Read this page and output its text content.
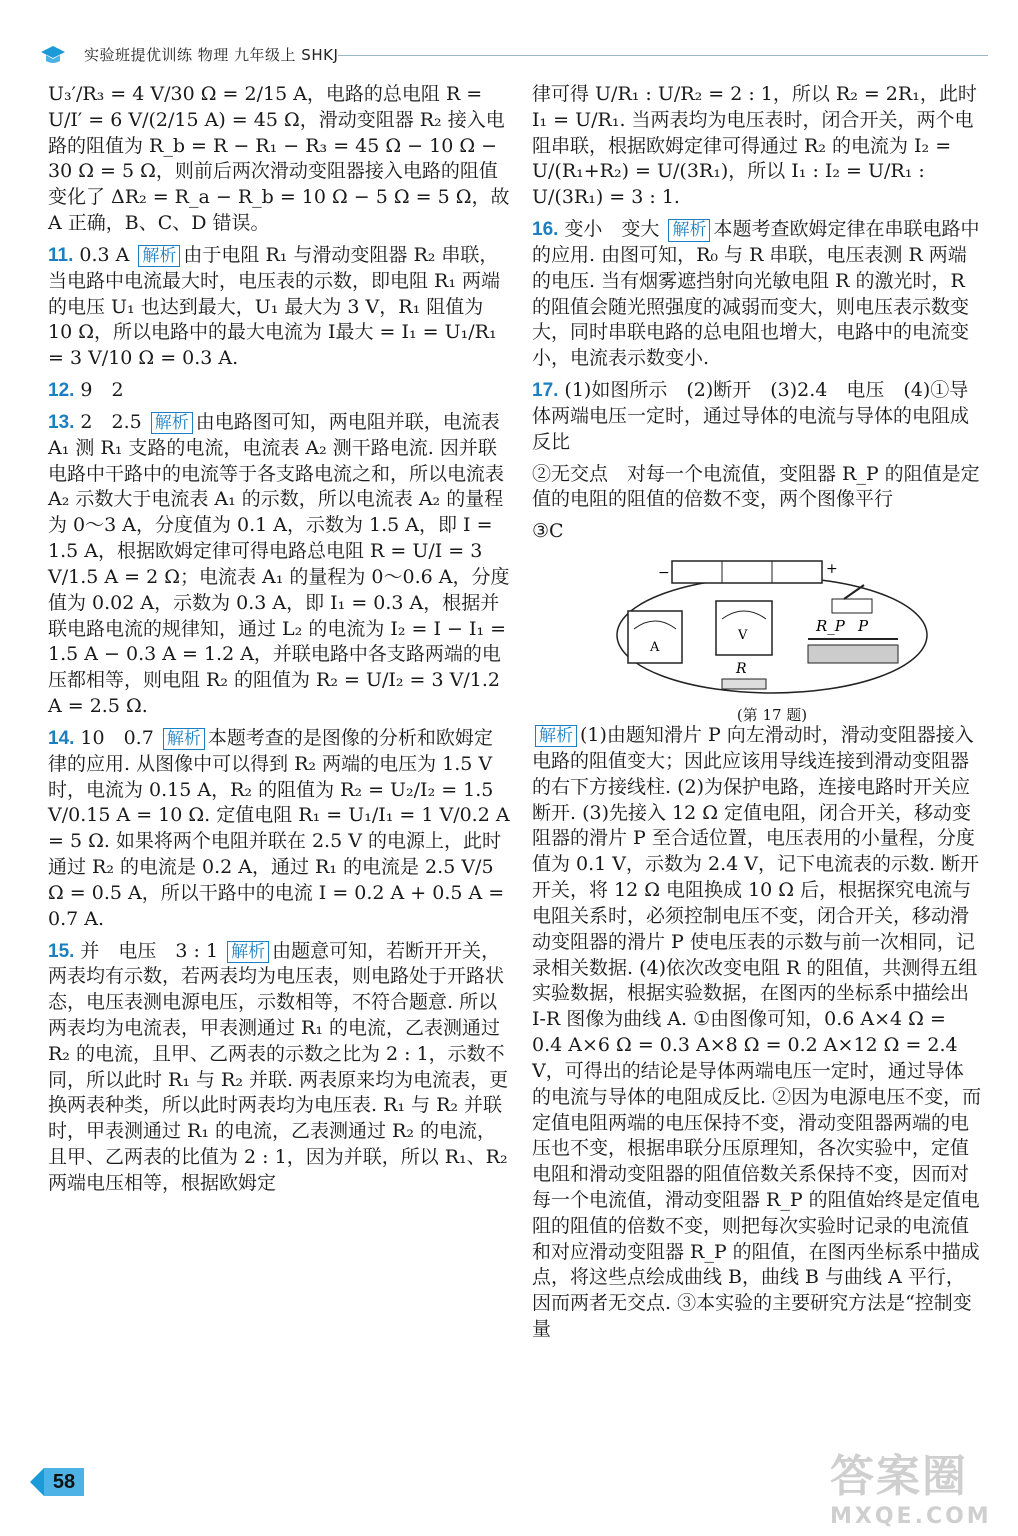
实验班提优训练 物理 九年级上 SHKJ
U₃′/R₃ = 4 V/30 Ω = 2/15 A，电路的总电阻 R = U/I′ = 6 V/(2/15 A) = 45 Ω，滑动变阻器 R₂ 接入电路的阻值为 R_b = R − R₁ − R₃ = 45 Ω − 10 Ω − 30 Ω = 5 Ω，则前后两次滑动变阻器接入电路的阻值变化了 ΔR₂ = R_a − R_b = 10 Ω − 5 Ω = 5 Ω，故 A 正确，B、C、D 错误。
11. 0.3 A 解析 由于电阻 R₁ 与滑动变阻器 R₂ 串联，当电路中电流最大时，电压表的示数，即电阻 R₁ 两端的电压 U₁ 也达到最大，U₁ 最大为 3 V，R₁ 阻值为 10 Ω，所以电路中的最大电流为 I最大 = I₁ = U₁/R₁ = 3 V/10 Ω = 0.3 A.
12. 9　2
13. 2　2.5 解析 由电路图可知，两电阻并联，电流表 A₁ 测 R₁ 支路的电流，电流表 A₂ 测干路电流. 因并联电路中干路中的电流等于各支路电流之和，所以电流表 A₂ 示数大于电流表 A₁ 的示数，所以电流表 A₂ 的量程为 0～3 A，分度值为 0.1 A，示数为 1.5 A，即 I = 1.5 A，根据欧姆定律可得电路总电阻 R = U/I = 3 V/1.5 A = 2 Ω；电流表 A₁ 的量程为 0～0.6 A，分度值为 0.02 A，示数为 0.3 A，即 I₁ = 0.3 A，根据并联电路电流的规律知，通过 L₂ 的电流为 I₂ = I − I₁ = 1.5 A − 0.3 A = 1.2 A，并联电路中各支路两端的电压都相等，则电阻 R₂ 的阻值为 R₂ = U/I₂ = 3 V/1.2 A = 2.5 Ω.
14. 10　0.7 解析 本题考查的是图像的分析和欧姆定律的应用. 从图像中可以得到 R₂ 两端的电压为 1.5 V 时，电流为 0.15 A，R₂ 的阻值为 R₂ = U₂/I₂ = 1.5 V/0.15 A = 10 Ω. 定值电阻 R₁ = U₁/I₁ = 1 V/0.2 A = 5 Ω. 如果将两个电阻并联在 2.5 V 的电源上，此时通过 R₂ 的电流是 0.2 A，通过 R₁ 的电流是 2.5 V/5 Ω = 0.5 A，所以干路中的电流 I = 0.2 A + 0.5 A = 0.7 A.
15. 并　电压　3 : 1 解析 由题意可知，若断开开关，两表均有示数，若两表均为电压表，则电路处于开路状态，电压表测电源电压，示数相等，不符合题意. 所以两表均为电流表，甲表测通过 R₁ 的电流，乙表测通过 R₂ 的电流，且甲、乙两表的示数之比为 2 : 1，示数不同，所以此时 R₁ 与 R₂ 并联. 两表原来均为电流表，更换两表种类，所以此时两表均为电压表. R₁ 与 R₂ 并联时，甲表测通过 R₁ 的电流，乙表测通过 R₂ 的电流，且甲、乙两表的比值为 2 : 1，因为并联，所以 R₁、R₂ 两端电压相等，根据欧姆定
律可得 U/R₁ : U/R₂ = 2 : 1，所以 R₂ = 2R₁，此时 I₁ = U/R₁. 当两表均为电压表时，闭合开关，两个电阻串联，根据欧姆定律可得通过 R₂ 的电流为 I₂ = U/(R₁+R₂) = U/(3R₁)，所以 I₁ : I₂ = U/R₁ : U/(3R₁) = 3 : 1.
16. 变小　变大 解析 本题考查欧姆定律在串联电路中的应用. 由图可知，R₀ 与 R 串联，电压表测 R 两端的电压. 当有烟雾遮挡射向光敏电阻 R 的激光时，R 的阻值会随光照强度的减弱而变大，则电压表示数变大，同时串联电路的总电阻也增大，电路中的电流变小，电流表示数变小.
17. (1)如图所示　(2)断开　(3)2.4　电压　(4)①导体两端电压一定时，通过导体的电流与导体的电阻成反比
②无交点　对每一个电流值，变阻器 R_P 的阻值是定值的电阻的阻值的倍数不变，两个图像平行
③C
−	+
A
V
R
R_P P
(第 17 题)
解析 (1)由题知滑片 P 向左滑动时，滑动变阻器接入电路的阻值变大；因此应该用导线连接到滑动变阻器的右下方接线柱. (2)为保护电路，连接电路时开关应断开. (3)先接入 12 Ω 定值电阻，闭合开关，移动变阻器的滑片 P 至合适位置，电压表用的小量程，分度值为 0.1 V，示数为 2.4 V，记下电流表的示数. 断开开关，将 12 Ω 电阻换成 10 Ω 后，根据探究电流与电阻关系时，必须控制电压不变，闭合开关，移动滑动变阻器的滑片 P 使电压表的示数与前一次相同，记录相关数据. (4)依次改变电阻 R 的阻值，共测得五组实验数据，根据实验数据，在图丙的坐标系中描绘出 I-R 图像为曲线 A. ①由图像可知，0.6 A×4 Ω = 0.4 A×6 Ω = 0.3 A×8 Ω = 0.2 A×12 Ω = 2.4 V，可得出的结论是导体两端电压一定时，通过导体的电流与导体的电阻成反比. ②因为电源电压不变，而定值电阻两端的电压保持不变，滑动变阻器两端的电压也不变，根据串联分压原理知，各次实验中，定值电阻和滑动变阻器的阻值倍数关系保持不变，因而对每一个电流值，滑动变阻器 R_P 的阻值始终是定值电阻的阻值的倍数不变，则把每次实验时记录的电流值和对应滑动变阻器 R_P 的阻值，在图丙坐标系中描成点，将这些点绘成曲线 B，曲线 B 与曲线 A 平行，因而两者无交点. ③本实验的主要研究方法是“控制变量
58	答案圈
MXQE.COM
